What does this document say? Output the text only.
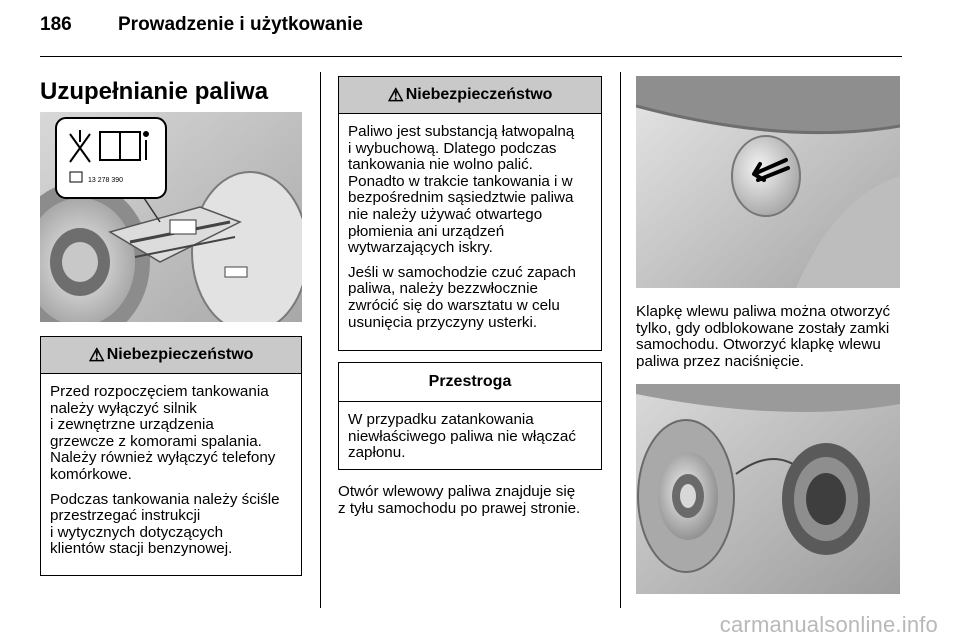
186 Prowadzenie i użytkowanie
Uzupełnianie paliwa
13 278 390
⚠ Niebezpieczeństwo

Przed rozpoczęciem tankowania
należy wyłączyć silnik
i zewnętrzne urządzenia
grzewcze z komorami spalania.
Należy również wyłączyć telefony
komórkowe.

Podczas tankowania należy ściśle
przestrzegać instrukcji
i wytycznych dotyczących
klientów stacji benzynowej.

⚠ Niebezpieczeństwo

Paliwo jest substancją łatwopalną
i wybuchową. Dlatego podczas
tankowania nie wolno palić.
Ponadto w trakcie tankowania i w
bezpośrednim sąsiedztwie paliwa
nie należy używać otwartego
płomienia ani urządzeń
wytwarzających iskry.

Jeśli w samochodzie czuć zapach
paliwa, należy bezzwłocznie
zwrócić się do warsztatu w celu
usunięcia przyczyny usterki.

Przestroga

W przypadku zatankowania
niewłaściwego paliwa nie włączać
zapłonu.

Otwór wlewowy paliwa znajduje się
z tyłu samochodu po prawej stronie.
Klapkę wlewu paliwa można otworzyć
tylko, gdy odblokowane zostały zamki
samochodu. Otworzyć klapkę wlewu
paliwa przez naciśnięcie.
carmanualsonline.info
